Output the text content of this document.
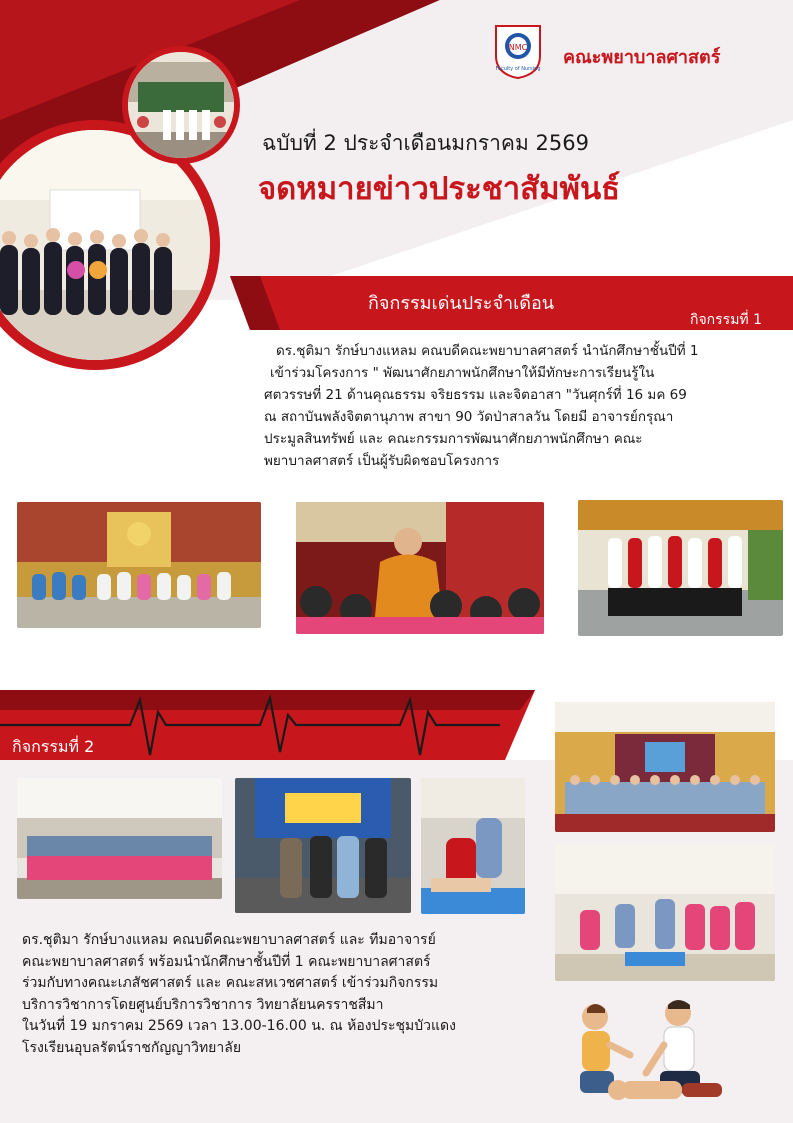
NMC
Faculty of Nursing
คณะพยาบาลศาสตร์
ฉบับที่ 2 ประจำเดือนมกราคม 2569
จดหมายข่าวประชาสัมพันธ์
กิจกรรมเด่นประจำเดือน
กิจกรรมที่ 1
ดร.ชุติมา รักษ์บางแหลม คณบดีคณะพยาบาลศาสตร์ นำนักศึกษาชั้นปีที่ 1
เข้าร่วมโครงการ " พัฒนาศักยภาพนักศึกษาให้มีทักษะการเรียนรู้ใน
ศตวรรษที่ 21 ด้านคุณธรรม จริยธรรม และจิตอาสา "วันศุกร์ที่ 16 มค 69
ณ สถาบันพลังจิตตานุภาพ สาขา 90 วัดป่าสาลวัน โดยมี อาจารย์กรุณา
ประมูลสินทรัพย์ และ คณะกรรมการพัฒนาศักยภาพนักศึกษา คณะ
พยาบาลศาสตร์ เป็นผู้รับผิดชอบโครงการ
กิจกรรมที่ 2
ดร.ชุติมา รักษ์บางแหลม คณบดีคณะพยาบาลศาสตร์ และ ทีมอาจารย์
คณะพยาบาลศาสตร์ พร้อมนำนักศึกษาชั้นปีที่ 1 คณะพยาบาลศาสตร์
ร่วมกับทางคณะเภสัชศาสตร์ และ คณะสหเวชศาสตร์ เข้าร่วมกิจกรรม
บริการวิชาการโดยศูนย์บริการวิชาการ วิทยาลัยนครราชสีมา
ในวันที่ 19 มกราคม 2569 เวลา 13.00-16.00 น. ณ ห้องประชุมบัวแดง
โรงเรียนอุบลรัตน์ราชกัญญาวิทยาลัย
